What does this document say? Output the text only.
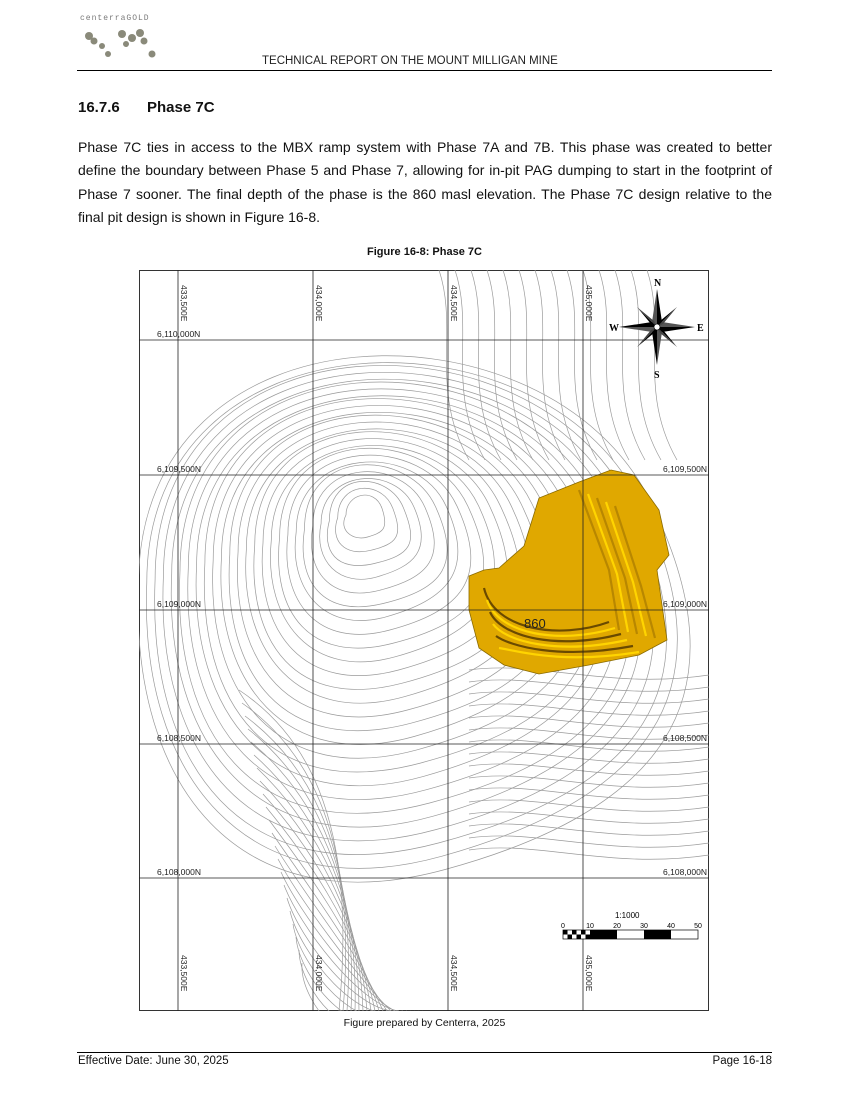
centerraGOLD
TECHNICAL REPORT ON THE MOUNT MILLIGAN MINE
16.7.6 Phase 7C
Phase 7C ties in access to the MBX ramp system with Phase 7A and 7B. This phase was created to better define the boundary between Phase 5 and Phase 7, allowing for in-pit PAG dumping to start in the footprint of Phase 7 sooner. The final depth of the phase is the 860 masl elevation. The Phase 7C design relative to the final pit design is shown in Figure 16-8.
Figure 16-8: Phase 7C
433,500E
433,500E
434,000E
434,000E
434,500E
434,500E
435,000E
435,000E
6,110,000N
6,109,500N	6,109,500N
6,109,000N	6,109,000N
6,108,500N	6,108,500N
6,108,000N	6,108,000N
860
N
S
E
W
1:1000
0	10	20	30	40	50
Figure prepared by Centerra, 2025
Effective Date: June 30, 2025	Page 16-18
